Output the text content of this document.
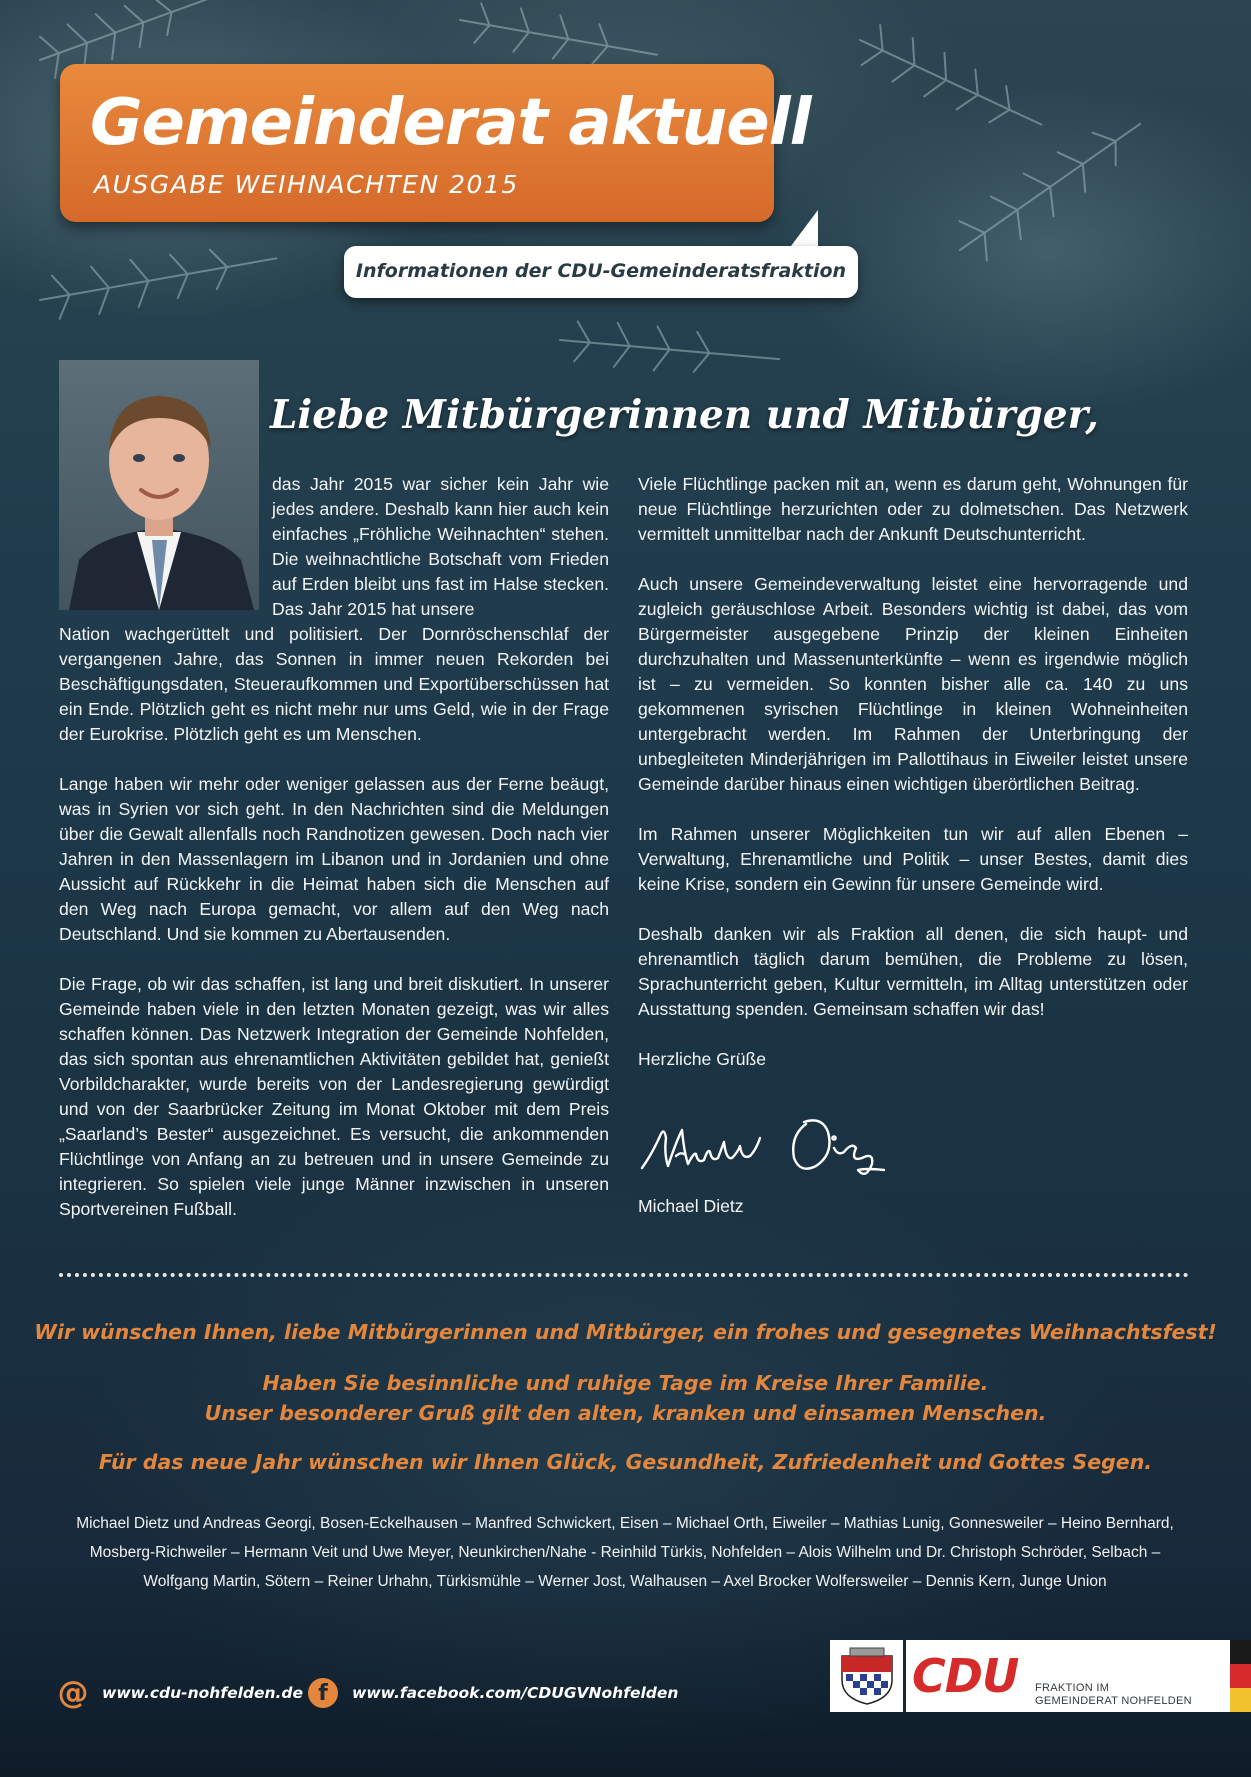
Gemeinderat aktuell
AUSGABE WEIHNACHTEN 2015
Informationen der CDU-Gemeinderatsfraktion
Liebe Mitbürgerinnen und Mitbürger,
das Jahr 2015 war sicher kein Jahr wie jedes andere. Deshalb kann hier auch kein einfaches „Fröhliche Weihnachten“ stehen. Die weihnachtliche Botschaft vom Frieden auf Erden bleibt uns fast im Halse stecken. Das Jahr 2015 hat unsere
Nation wachgerüttelt und politisiert. Der Dornröschenschlaf der vergangenen Jahre, das Sonnen in immer neuen Rekorden bei Beschäftigungsdaten, Steueraufkommen und Exportüberschüssen hat ein Ende. Plötzlich geht es nicht mehr nur ums Geld, wie in der Frage der Eurokrise. Plötzlich geht es um Menschen.
Lange haben wir mehr oder weniger gelassen aus der Ferne beäugt, was in Syrien vor sich geht. In den Nachrichten sind die Meldungen über die Gewalt allenfalls noch Randnotizen gewesen. Doch nach vier Jahren in den Massenlagern im Libanon und in Jordanien und ohne Aussicht auf Rückkehr in die Heimat haben sich die Menschen auf den Weg nach Europa gemacht, vor allem auf den Weg nach Deutschland. Und sie kommen zu Abertausenden.
Die Frage, ob wir das schaffen, ist lang und breit diskutiert. In unserer Gemeinde haben viele in den letzten Monaten gezeigt, was wir alles schaffen können. Das Netzwerk Integration der Gemeinde Nohfelden, das sich spontan aus ehrenamtlichen Aktivitäten gebildet hat, genießt Vorbildcharakter, wurde bereits von der Landesregierung gewürdigt und von der Saarbrücker Zeitung im Monat Oktober mit dem Preis „Saarland’s Bester“ ausgezeichnet. Es versucht, die ankommenden Flüchtlinge von Anfang an zu betreuen und in unsere Gemeinde zu integrieren. So spielen viele junge Männer inzwischen in unseren Sportvereinen Fußball.
Viele Flüchtlinge packen mit an, wenn es darum geht, Wohnungen für neue Flüchtlinge herzurichten oder zu dolmetschen. Das Netzwerk vermittelt unmittelbar nach der Ankunft Deutschunterricht.
Auch unsere Gemeindeverwaltung leistet eine hervorragende und zugleich geräuschlose Arbeit. Besonders wichtig ist dabei, das vom Bürgermeister ausgegebene Prinzip der kleinen Einheiten durchzuhalten und Massenunterkünfte – wenn es irgendwie möglich ist – zu vermeiden. So konnten bisher alle ca. 140 zu uns gekommenen syrischen Flüchtlinge in kleinen Wohneinheiten untergebracht werden. Im Rahmen der Unterbringung der unbegleiteten Minderjährigen im Pallottihaus in Eiweiler leistet unsere Gemeinde darüber hinaus einen wichtigen überörtlichen Beitrag.
Im Rahmen unserer Möglichkeiten tun wir auf allen Ebenen – Verwaltung, Ehrenamtliche und Politik – unser Bestes, damit dies keine Krise, sondern ein Gewinn für unsere Gemeinde wird.
Deshalb danken wir als Fraktion all denen, die sich haupt- und ehrenamtlich täglich darum bemühen, die Probleme zu lösen, Sprachunterricht geben, Kultur vermitteln, im Alltag unterstützen oder Ausstattung spenden. Gemeinsam schaffen wir das!
Herzliche Grüße
Michael Dietz
Wir wünschen Ihnen, liebe Mitbürgerinnen und Mitbürger, ein frohes und gesegnetes Weihnachtsfest!
Haben Sie besinnliche und ruhige Tage im Kreise Ihrer Familie.
Unser besonderer Gruß gilt den alten, kranken und einsamen Menschen.
Für das neue Jahr wünschen wir Ihnen Glück, Gesundheit, Zufriedenheit und Gottes Segen.
Michael Dietz und Andreas Georgi, Bosen-Eckelhausen – Manfred Schwickert, Eisen – Michael Orth, Eiweiler – Mathias Lunig, Gonnesweiler – Heino Bernhard,
Mosberg-Richweiler – Hermann Veit und Uwe Meyer, Neunkirchen/Nahe - Reinhild Türkis, Nohfelden – Alois Wilhelm und Dr. Christoph Schröder, Selbach –
Wolfgang Martin, Sötern – Reiner Urhahn, Türkismühle – Werner Jost, Walhausen – Axel Brocker Wolfersweiler – Dennis Kern, Junge Union
@ www.cdu-nohfelden.de f	www.facebook.com/CDUGVNohfelden	CDU FRAKTION IM
GEMEINDERAT NOHFELDEN
